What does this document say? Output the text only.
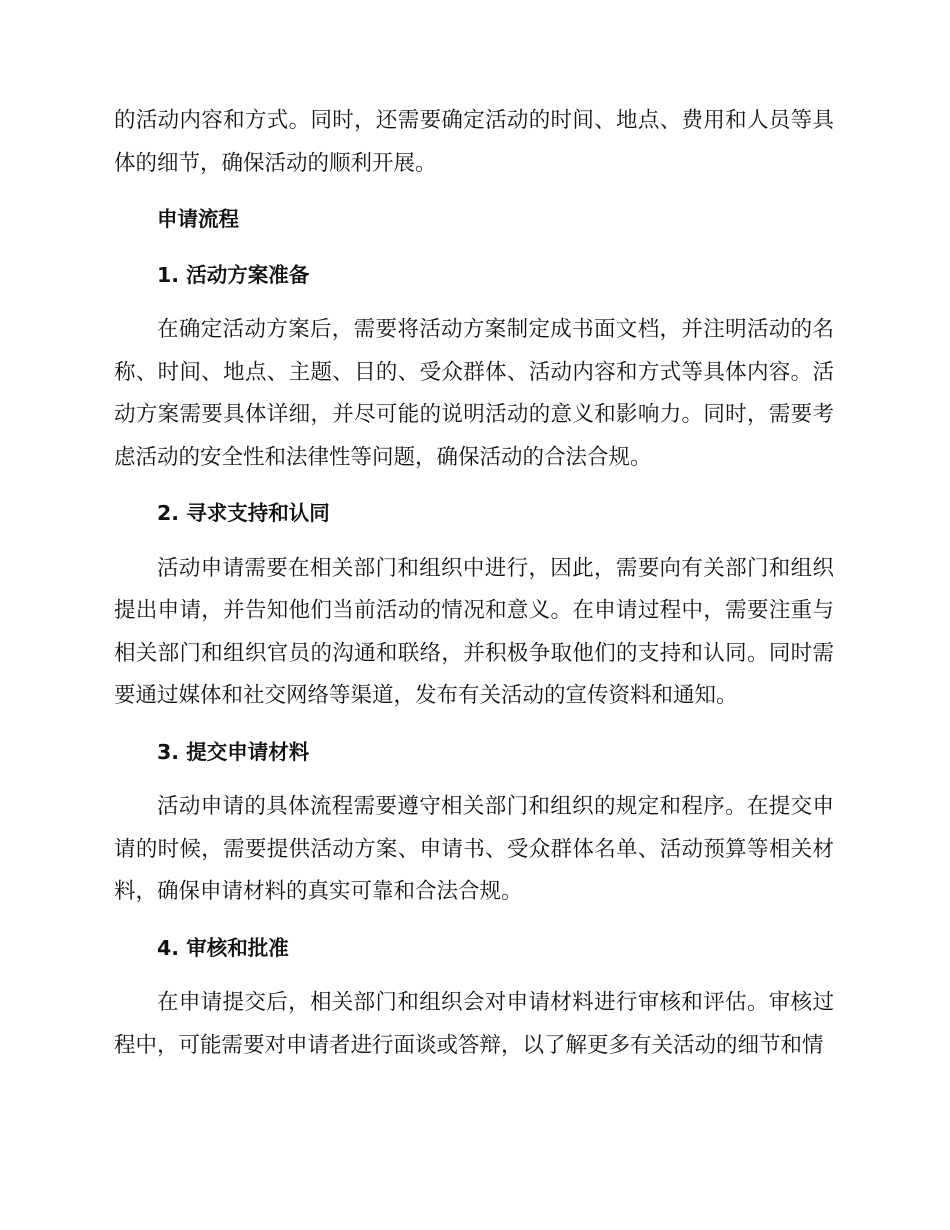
的活动内容和方式。同时，还需要确定活动的时间、地点、费用和人员等具体的细节，确保活动的顺利开展。

申请流程
1. 活动方案准备

在确定活动方案后，需要将活动方案制定成书面文档，并注明活动的名称、时间、地点、主题、目的、受众群体、活动内容和方式等具体内容。活动方案需要具体详细，并尽可能的说明活动的意义和影响力。同时，需要考虑活动的安全性和法律性等问题，确保活动的合法合规。

2. 寻求支持和认同

活动申请需要在相关部门和组织中进行，因此，需要向有关部门和组织提出申请，并告知他们当前活动的情况和意义。在申请过程中，需要注重与相关部门和组织官员的沟通和联络，并积极争取他们的支持和认同。同时需要通过媒体和社交网络等渠道，发布有关活动的宣传资料和通知。

3. 提交申请材料

活动申请的具体流程需要遵守相关部门和组织的规定和程序。在提交申请的时候，需要提供活动方案、申请书、受众群体名单、活动预算等相关材料，确保申请材料的真实可靠和合法合规。

4. 审核和批准

在申请提交后，相关部门和组织会对申请材料进行审核和评估。审核过程中，可能需要对申请者进行面谈或答辩，以了解更多有关活动的细节和情
